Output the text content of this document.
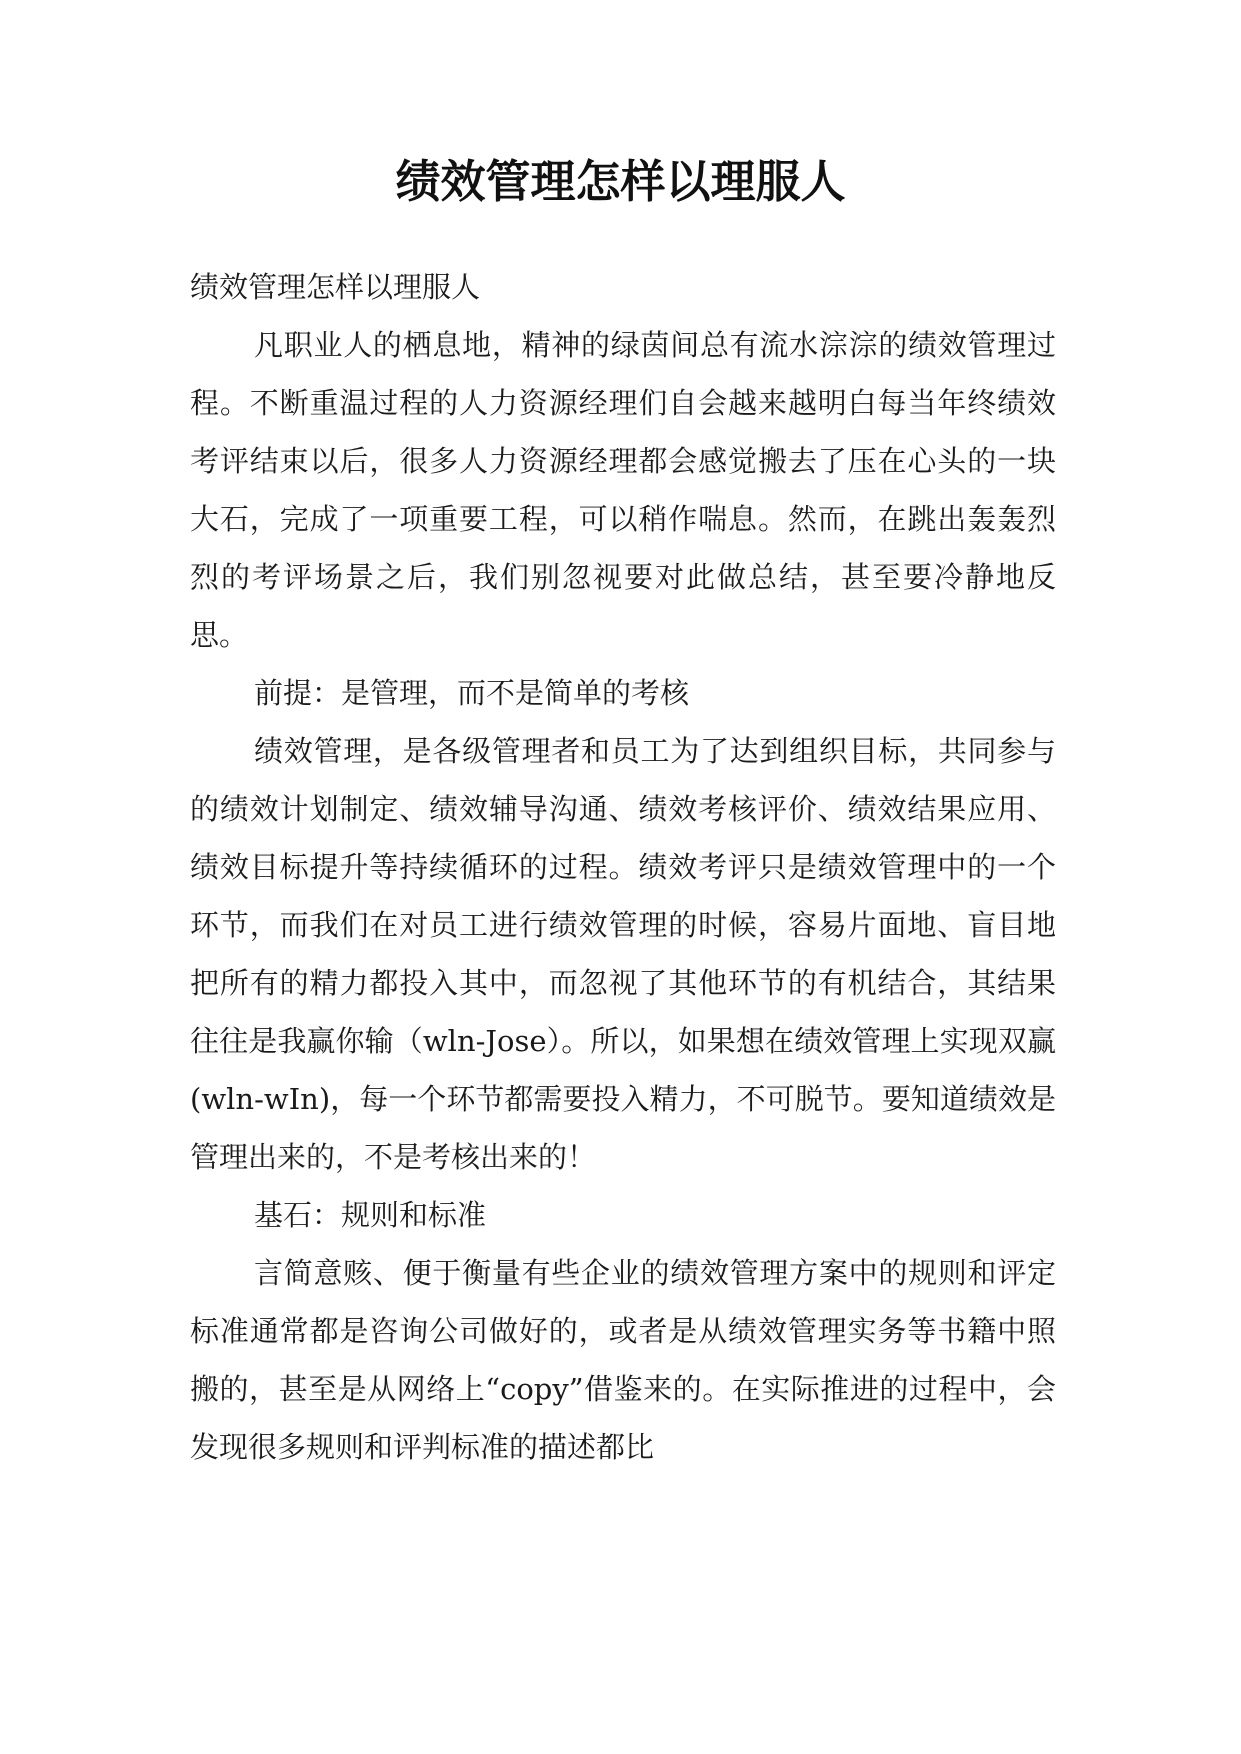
绩效管理怎样以理服人

绩效管理怎样以理服人

凡职业人的栖息地，精神的绿茵间总有流水淙淙的绩效管理过程。不断重温过程的人力资源经理们自会越来越明白每当年终绩效考评结束以后，很多人力资源经理都会感觉搬去了压在心头的一块大石，完成了一项重要工程，可以稍作喘息。然而，在跳出轰轰烈烈的考评场景之后，我们别忽视要对此做总结，甚至要冷静地反思。

前提：是管理，而不是简单的考核

绩效管理，是各级管理者和员工为了达到组织目标，共同参与的绩效计划制定、绩效辅导沟通、绩效考核评价、绩效结果应用、绩效目标提升等持续循环的过程。绩效考评只是绩效管理中的一个环节，而我们在对员工进行绩效管理的时候，容易片面地、盲目地把所有的精力都投入其中，而忽视了其他环节的有机结合，其结果往往是我赢你输（wln-Jose）。所以，如果想在绩效管理上实现双赢(wln-wIn)，每一个环节都需要投入精力，不可脱节。要知道绩效是管理出来的，不是考核出来的！

基石：规则和标准

言简意赅、便于衡量有些企业的绩效管理方案中的规则和评定标准通常都是咨询公司做好的，或者是从绩效管理实务等书籍中照搬的，甚至是从网络上“copy”借鉴来的。在实际推进的过程中，会发现很多规则和评判标准的描述都比
